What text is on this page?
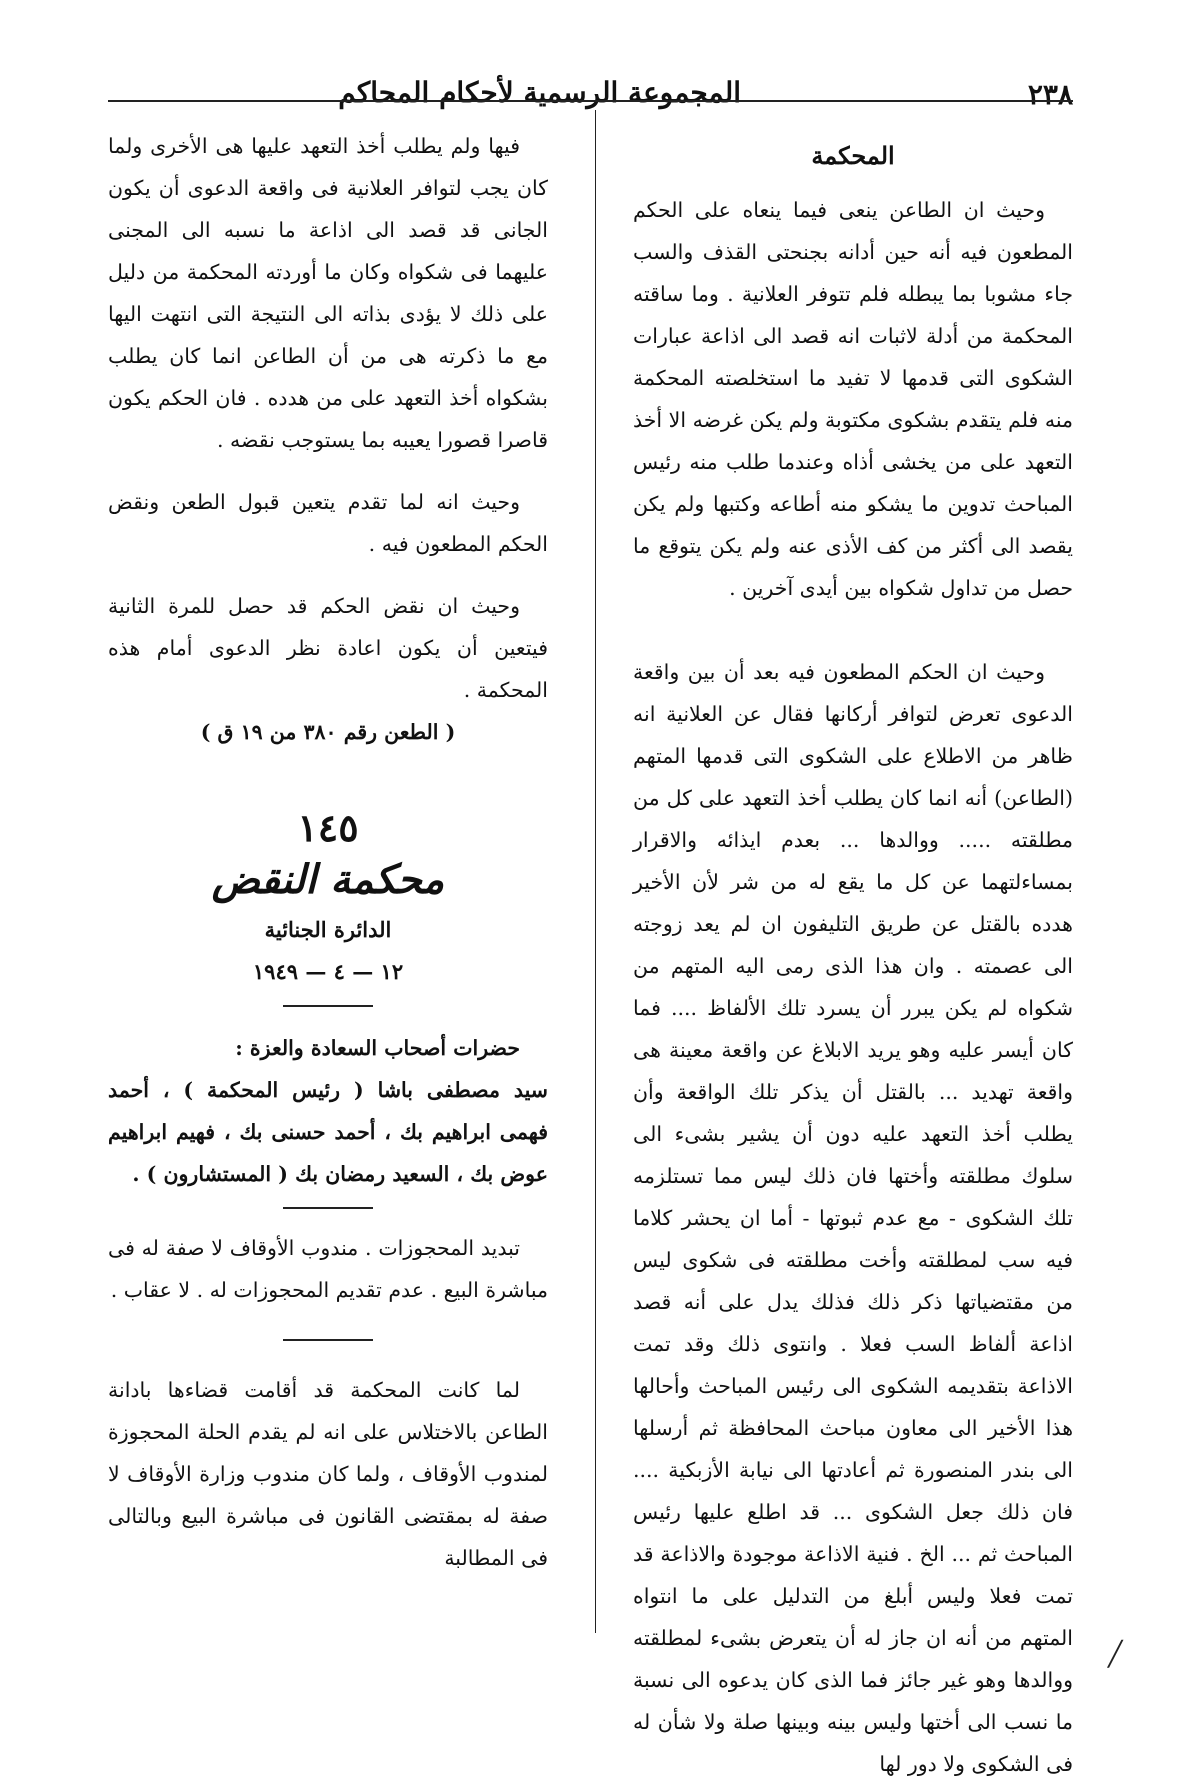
٢٣٨
المجموعة الرسمية لأحكام المحاكم
المحكمة

وحيث ان الطاعن ينعى فيما ينعاه على الحكم المطعون فيه أنه حين أدانه بجنحتى القذف والسب جاء مشوبا بما يبطله فلم تتوفر العلانية . وما ساقته المحكمة من أدلة لاثبات انه قصد الى اذاعة عبارات الشكوى التى قدمها لا تفيد ما استخلصته المحكمة منه فلم يتقدم بشكوى مكتوبة ولم يكن غرضه الا أخذ التعهد على من يخشى أذاه وعندما طلب منه رئيس المباحث تدوين ما يشكو منه أطاعه وكتبها ولم يكن يقصد الى أكثر من كف الأذى عنه ولم يكن يتوقع ما حصل من تداول شكواه بين أيدى آخرين .

وحيث ان الحكم المطعون فيه بعد أن بين واقعة الدعوى تعرض لتوافر أركانها فقال عن العلانية انه ظاهر من الاطلاع على الشكوى التى قدمها المتهم (الطاعن) أنه انما كان يطلب أخذ التعهد على كل من مطلقته ..... ووالدها ... بعدم ايذائه والاقرار بمساءلتهما عن كل ما يقع له من شر لأن الأخير هدده بالقتل عن طريق التليفون ان لم يعد زوجته الى عصمته . وان هذا الذى رمى اليه المتهم من شكواه لم يكن يبرر أن يسرد تلك الألفاظ .... فما كان أيسر عليه وهو يريد الابلاغ عن واقعة معينة هى واقعة تهديد ... بالقتل أن يذكر تلك الواقعة وأن يطلب أخذ التعهد عليه دون أن يشير بشىء الى سلوك مطلقته وأختها فان ذلك ليس مما تستلزمه تلك الشكوى - مع عدم ثبوتها - أما ان يحشر كلاما فيه سب لمطلقته وأخت مطلقته فى شكوى ليس من مقتضياتها ذكر ذلك فذلك يدل على أنه قصد اذاعة ألفاظ السب فعلا . وانتوى ذلك وقد تمت الاذاعة بتقديمه الشكوى الى رئيس المباحث وأحالها هذا الأخير الى معاون مباحث المحافظة ثم أرسلها الى بندر المنصورة ثم أعادتها الى نيابة الأزبكية .... فان ذلك جعل الشكوى ... قد اطلع عليها رئيس المباحث ثم ... الخ . فنية الاذاعة موجودة والاذاعة قد تمت فعلا وليس أبلغ من التدليل على ما انتواه المتهم من أنه ان جاز له أن يتعرض بشىء لمطلقته ووالدها وهو غير جائز فما الذى كان يدعوه الى نسبة ما نسب الى أختها وليس بينه وبينها صلة ولا شأن له فى الشكوى ولا دور لها

فيها ولم يطلب أخذ التعهد عليها هى الأخرى ولما كان يجب لتوافر العلانية فى واقعة الدعوى أن يكون الجانى قد قصد الى اذاعة ما نسبه الى المجنى عليهما فى شكواه وكان ما أوردته المحكمة من دليل على ذلك لا يؤدى بذاته الى النتيجة التى انتهت اليها مع ما ذكرته هى من أن الطاعن انما كان يطلب بشكواه أخذ التعهد على من هدده . فان الحكم يكون قاصرا قصورا يعيبه بما يستوجب نقضه .

وحيث انه لما تقدم يتعين قبول الطعن ونقض الحكم المطعون فيه .

وحيث ان نقض الحكم قد حصل للمرة الثانية فيتعين أن يكون اعادة نظر الدعوى أمام هذه المحكمة .

( الطعن رقم ٣٨٠ من ١٩ ق )
١٤٥
محكمة النقض
الدائرة الجنائية
١٢ — ٤ — ١٩٤٩

حضرات أصحاب السعادة والعزة :

سيد مصطفى باشا ( رئيس المحكمة ) ، أحمد فهمى ابراهيم بك ، أحمد حسنى بك ، فهيم ابراهيم عوض بك ، السعيد رمضان بك ( المستشارون ) .

تبديد المحجوزات . مندوب الأوقاف لا صفة له فى مباشرة البيع . عدم تقديم المحجوزات له . لا عقاب .

لما كانت المحكمة قد أقامت قضاءها بادانة الطاعن بالاختلاس على انه لم يقدم الحلة المحجوزة لمندوب الأوقاف ، ولما كان مندوب وزارة الأوقاف لا صفة له بمقتضى القانون فى مباشرة البيع وبالتالى فى المطالبة

╱
